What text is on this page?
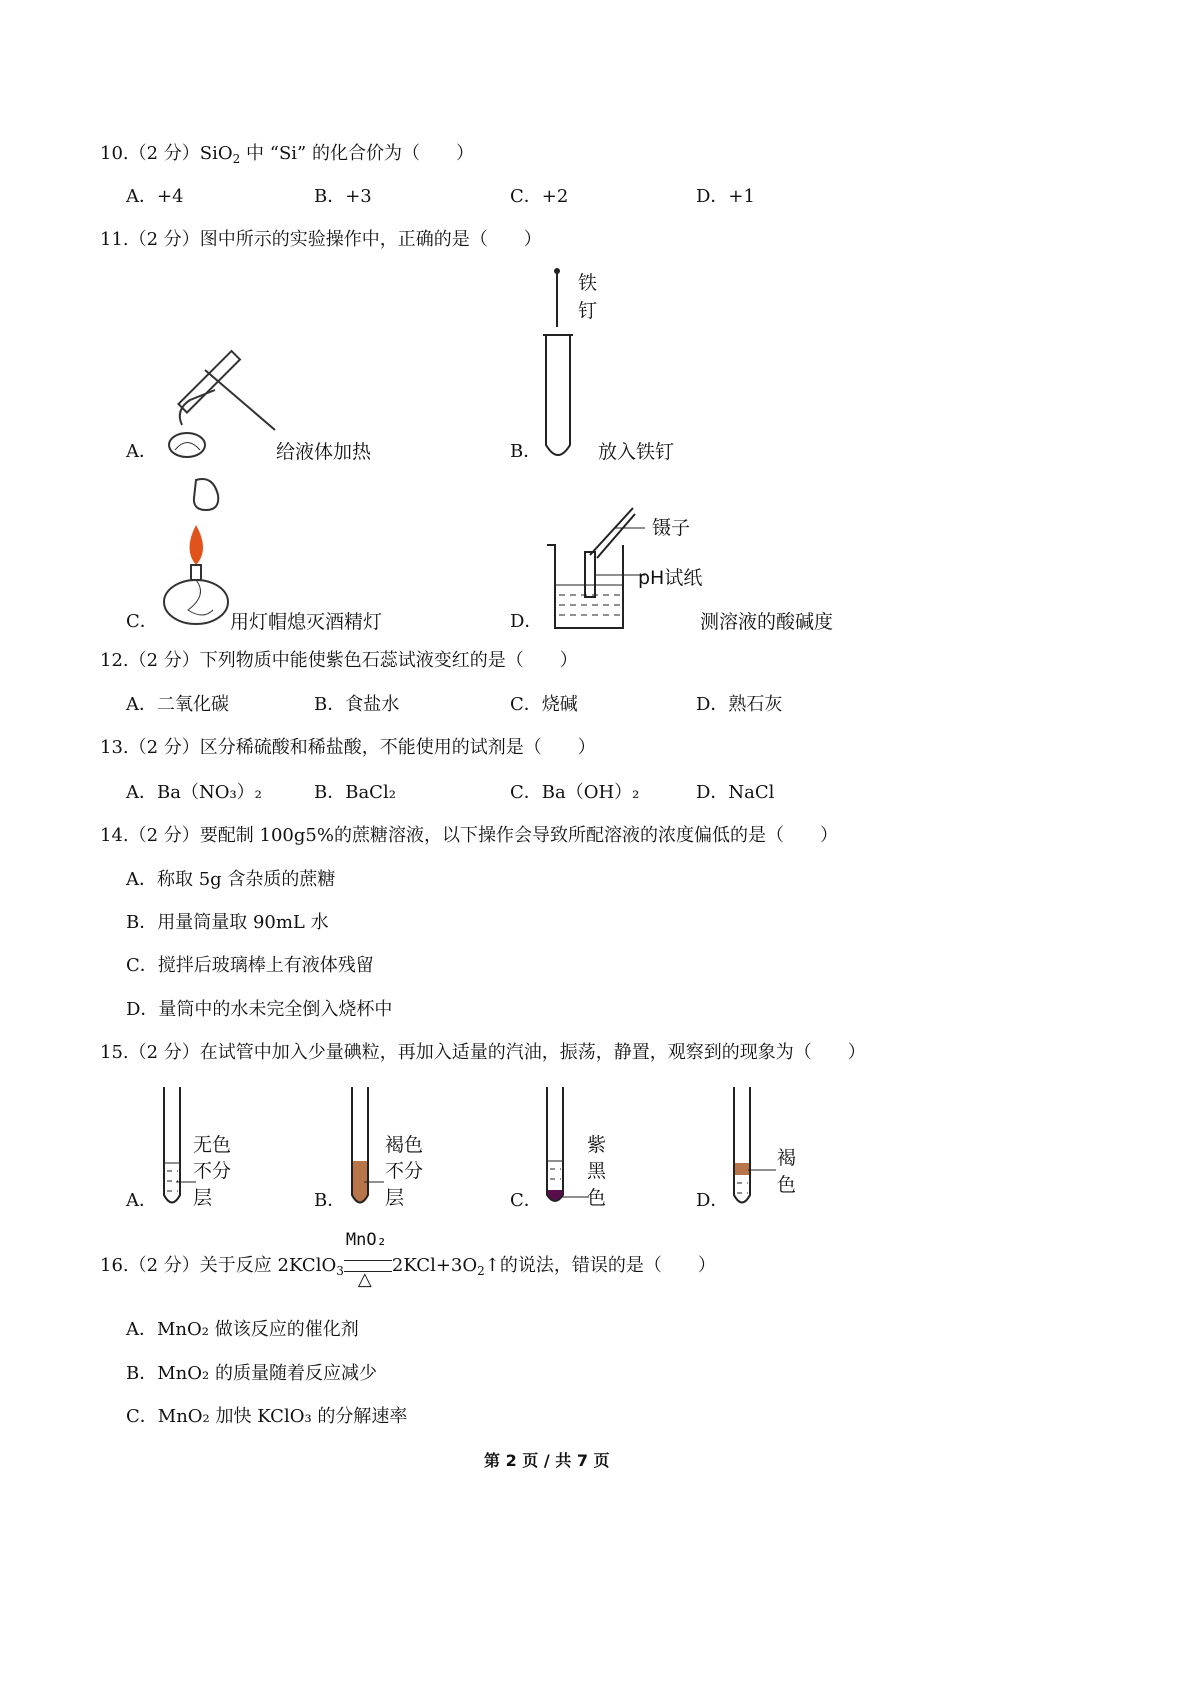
10.（2 分）SiO$_2$ 中 “Si” 的化合价为（　　）
A．+4	B．+3	C．+2	D．+1
11.（2 分）图中所示的实验操作中，正确的是（　　）
A．	给液体加热	B．
铁
钉
放入铁钉
C．	用灯帽熄灭酒精灯	D．
镊子
pH试纸
测溶液的酸碱度
12.（2 分）下列物质中能使紫色石蕊试液变红的是（　　）
A．二氧化碳	B．食盐水	C．烧碱	D．熟石灰
13.（2 分）区分稀硫酸和稀盐酸，不能使用的试剂是（　　）
A．Ba（NO₃）₂	B．BaCl₂	C．Ba（OH）₂	D．NaCl
14.（2 分）要配制 100g5%的蔗糖溶液，以下操作会导致所配溶液的浓度偏低的是（　　）
A．称取 5g 含杂质的蔗糖
B．用量筒量取 90mL 水
C．搅拌后玻璃棒上有液体残留
D．量筒中的水未完全倒入烧杯中
15.（2 分）在试管中加入少量碘粒，再加入适量的汽油，振荡，静置，观察到的现象为（　　）
A．
无色
不分
层	B．
褐色
不分
层	C．
紫
黑
色	D．
褐
色
16.（2 分）关于反应 2KClO$_3$
MnO₂
△
$2KCl+3O_2↑$的说法，错误的是（　　）
A．MnO₂ 做该反应的催化剂
B．MnO₂ 的质量随着反应减少
C．MnO₂ 加快 KClO₃ 的分解速率
第 2 页 / 共 7 页
